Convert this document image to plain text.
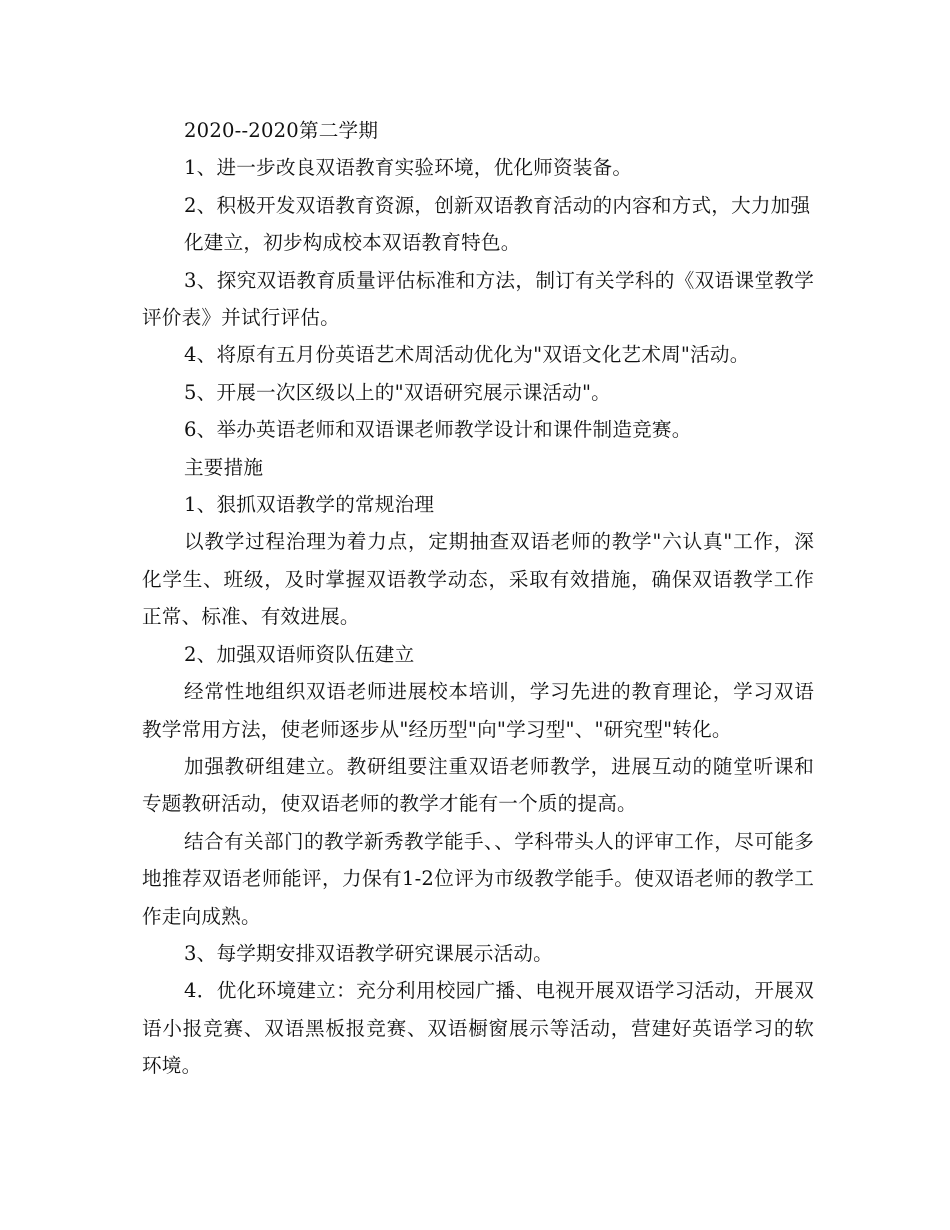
2020--2020第二学期

1、进一步改良双语教育实验环境，优化师资装备。

2、积极开发双语教育资源，创新双语教育活动的内容和方式，大力加强

化建立，初步构成校本双语教育特色。

3、探究双语教育质量评估标准和方法，制订有关学科的《双语课堂教学评价表》并试行评估。

4、将原有五月份英语艺术周活动优化为"双语文化艺术周"活动。

5、开展一次区级以上的"双语研究展示课活动"。

6、举办英语老师和双语课老师教学设计和课件制造竞赛。

主要措施

1、狠抓双语教学的常规治理

以教学过程治理为着力点，定期抽查双语老师的教学"六认真"工作，深化学生、班级，及时掌握双语教学动态，采取有效措施，确保双语教学工作正常、标准、有效进展。

2、加强双语师资队伍建立

经常性地组织双语老师进展校本培训，学习先进的教育理论，学习双语教学常用方法，使老师逐步从"经历型"向"学习型"、"研究型"转化。

加强教研组建立。教研组要注重双语老师教学，进展互动的随堂听课和专题教研活动，使双语老师的教学才能有一个质的提高。

结合有关部门的教学新秀教学能手、、学科带头人的评审工作，尽可能多地推荐双语老师能评，力保有1-2位评为市级教学能手。使双语老师的教学工作走向成熟。

3、每学期安排双语教学研究课展示活动。

4．优化环境建立：充分利用校园广播、电视开展双语学习活动，开展双语小报竞赛、双语黑板报竞赛、双语橱窗展示等活动，营建好英语学习的软环境。
